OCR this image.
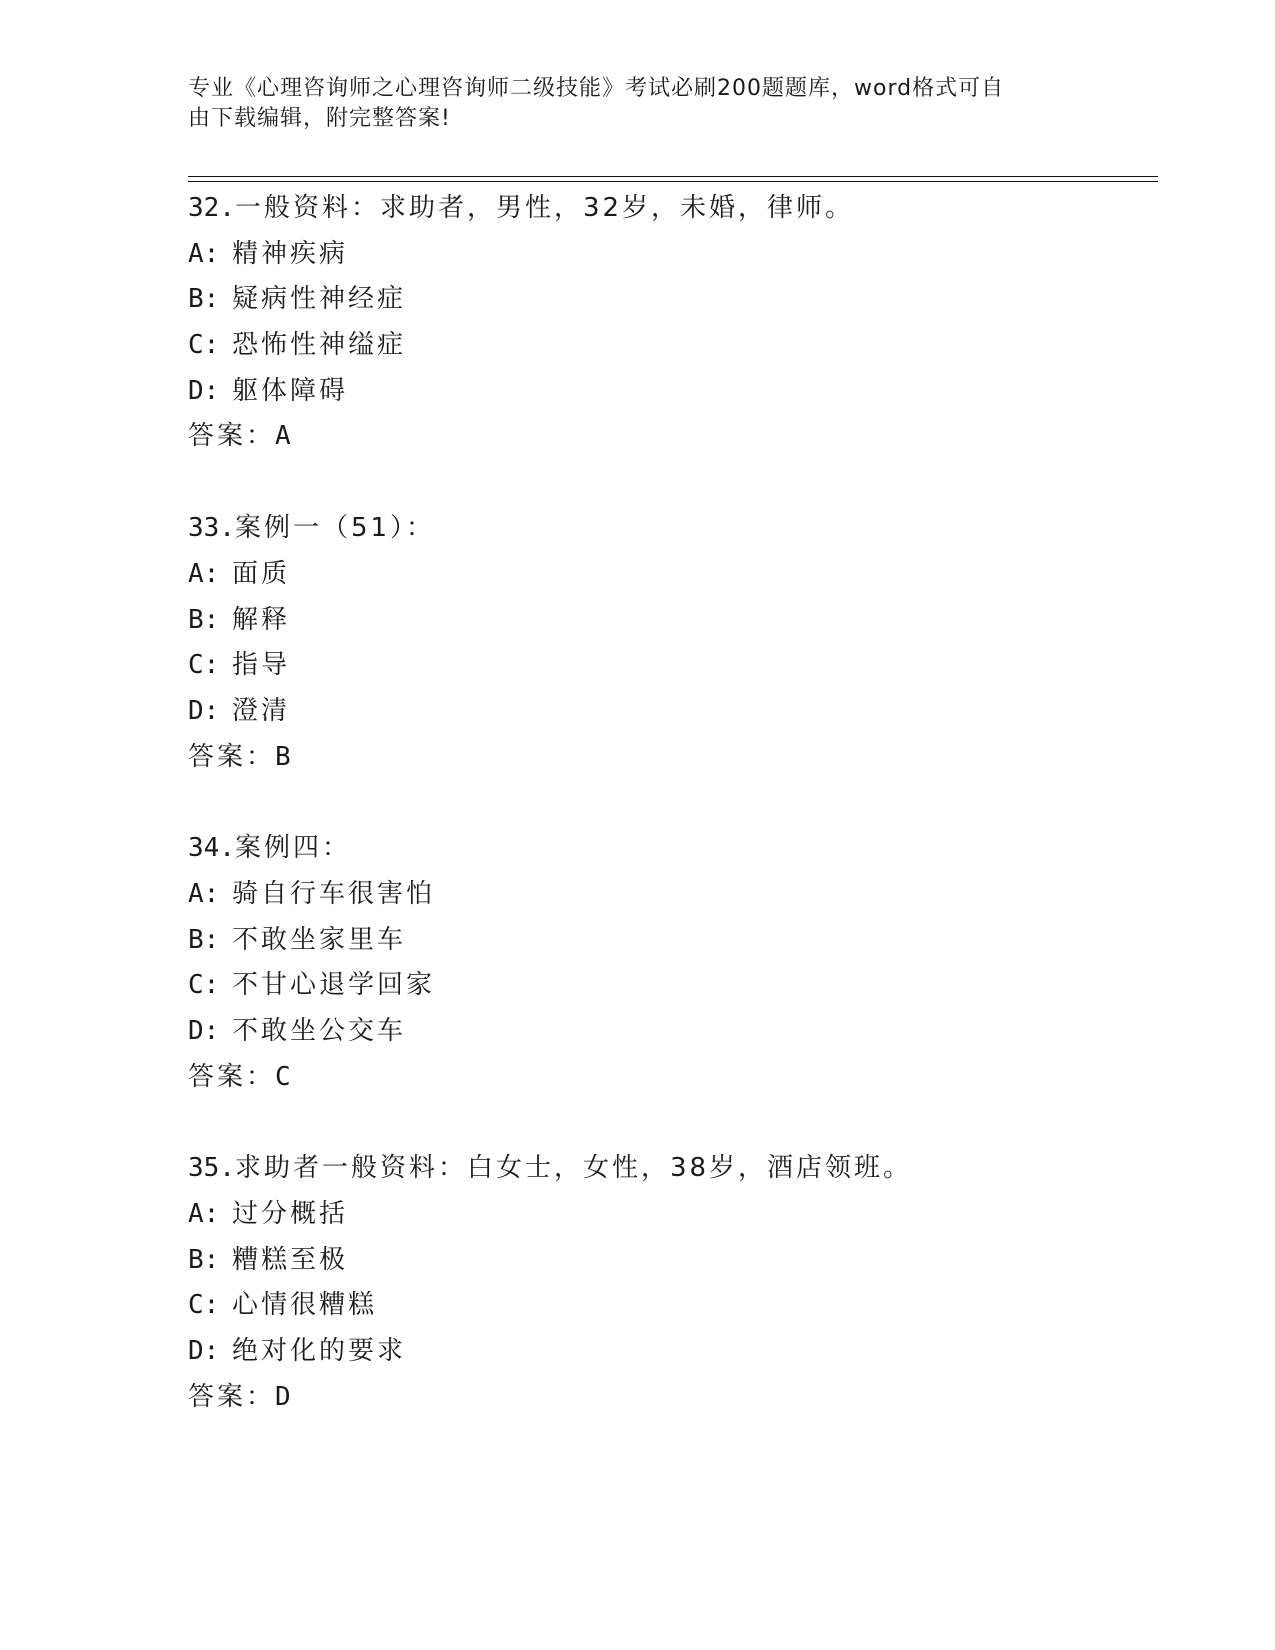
专业《心理咨询师之心理咨询师二级技能》考试必刷200题题库，word格式可自
由下载编辑，附完整答案!
32.一般资料：求助者，男性，32岁，未婚，律师。
A: 精神疾病
B: 疑病性神经症
C: 恐怖性神缢症
D: 躯体障碍
答案：A
33.案例一（51）：
A: 面质
B: 解释
C: 指导
D: 澄清
答案：B
34.案例四：
A: 骑自行车很害怕
B: 不敢坐家里车
C: 不甘心退学回家
D: 不敢坐公交车
答案：C
35.求助者一般资料：白女士，女性，38岁，酒店领班。
A: 过分概括
B: 糟糕至极
C: 心情很糟糕
D: 绝对化的要求
答案：D
